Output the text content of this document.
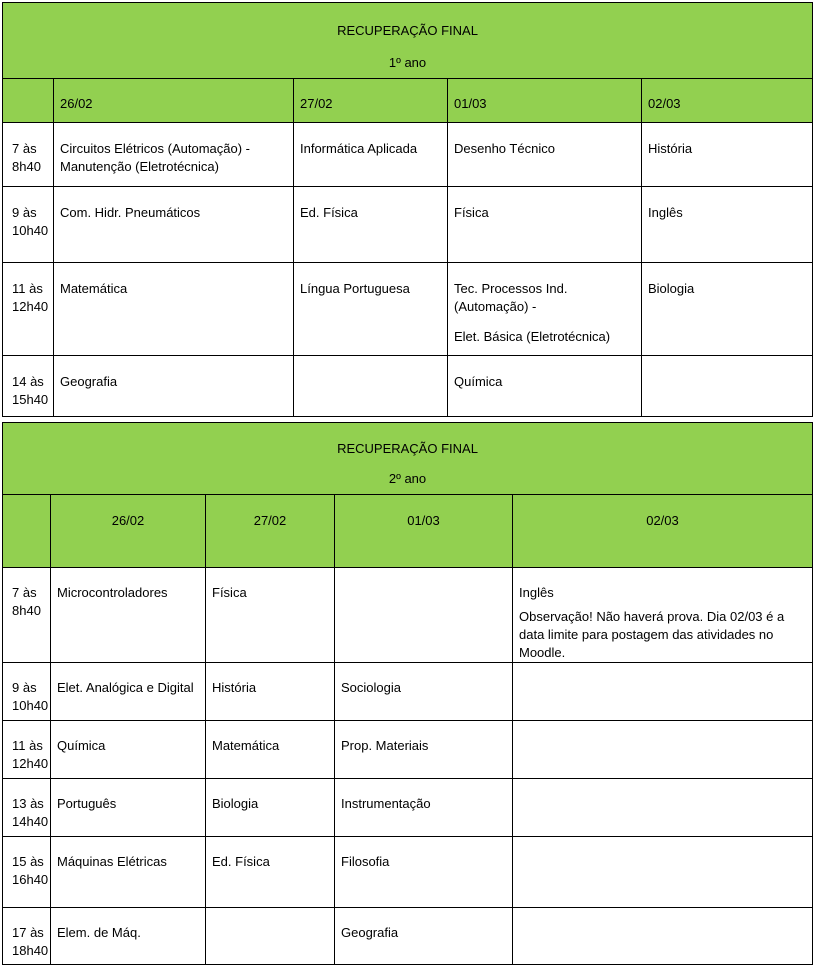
RECUPERAÇÃO FINAL
1º ano				

	26/02	27/02	01/03	02/03

7 às
8h40	Circuitos Elétricos (Automação) -
Manutenção (Eletrotécnica)	Informática Aplicada	Desenho Técnico	História

9 às
10h40	Com. Hidr. Pneumáticos	Ed. Física	Física	Inglês

11 às
12h40	Matemática	Língua Portuguesa	Tec. Processos Ind.
(Automação) -
Elet. Básica (Eletrotécnica)	Biologia

14 às
15h40	Geografia		Química	

RECUPERAÇÃO FINAL
2º ano				

	26/02	27/02	01/03	02/03

7 às
8h40	Microcontroladores	Física		Inglês
Observação! Não haverá prova. Dia 02/03 é a data limite para postagem das atividades no Moodle.

9 às
10h40	Elet. Analógica e Digital	História	Sociologia	

11 às
12h40	Química	Matemática	Prop. Materiais	

13 às
14h40	Português	Biologia	Instrumentação	

15 às
16h40	Máquinas Elétricas	Ed. Física	Filosofia	

17 às
18h40	Elem. de Máq.		Geografia	
